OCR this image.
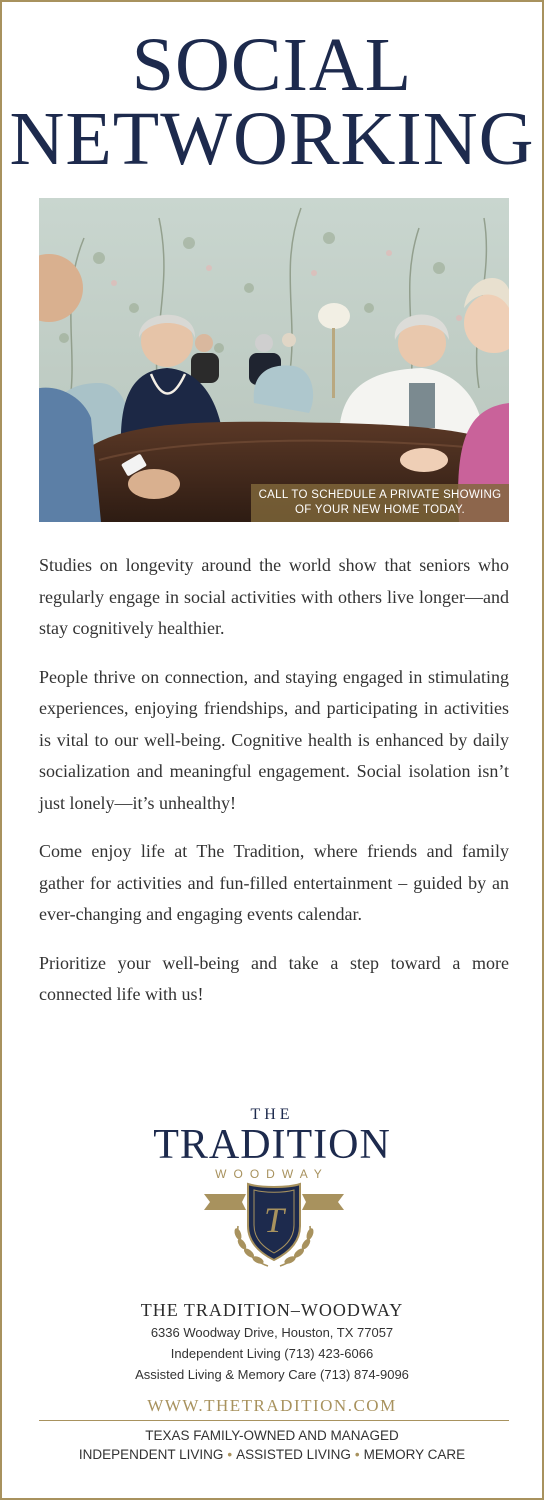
SOCIAL
NETWORKING
CALL TO SCHEDULE A PRIVATE SHOWING
OF YOUR NEW HOME TODAY.

Studies on longevity around the world show that seniors who regularly engage in social activities with others live longer—and stay cognitively healthier.

People thrive on connection, and staying engaged in stimulating experiences, enjoying friendships, and participating in activities is vital to our well-being. Cognitive health is enhanced by daily socialization and meaningful engagement. Social isolation isn’t just lonely—it’s unhealthy!

Come enjoy life at The Tradition, where friends and family gather for activities and fun-filled entertainment – guided by an ever-changing and engaging events calendar.

Prioritize your well-being and take a step toward a more connected life with us!

THE
TRADITION
WOODWAY
T
THE TRADITION–WOODWAY
6336 Woodway Drive, Houston, TX 77057
Independent Living (713) 423-6066
Assisted Living & Memory Care (713) 874-9096
WWW.THETRADITION.COM
TEXAS FAMILY-OWNED AND MANAGED
INDEPENDENT LIVING • ASSISTED LIVING • MEMORY CARE
